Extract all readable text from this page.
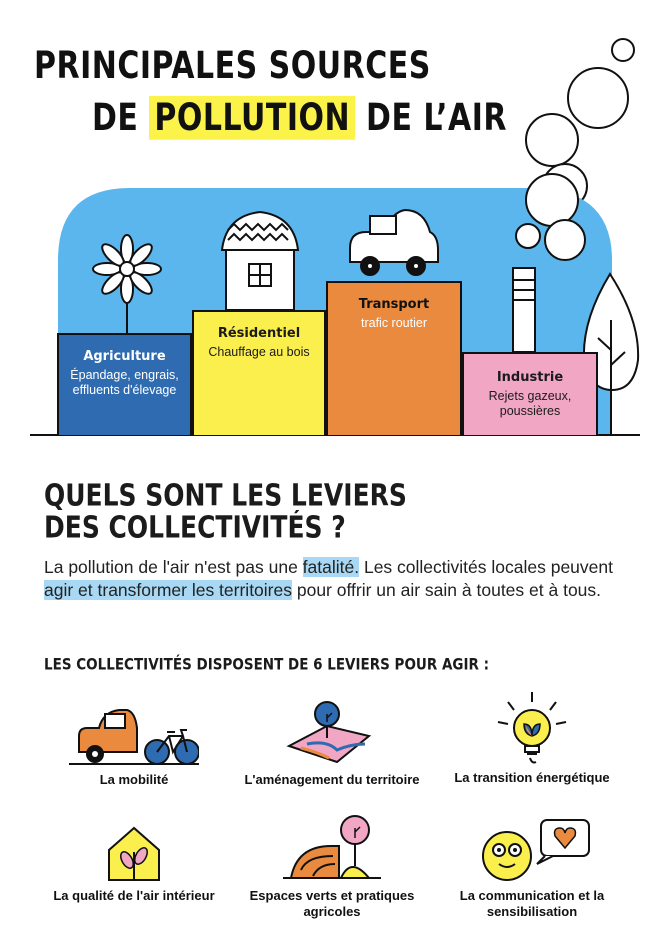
PRINCIPALES SOURCES
DE POLLUTION DE L’AIR
Agriculture
Épandage, engrais, effluents d'élevage
Résidentiel
Chauffage au bois
Transport
trafic routier
Industrie
Rejets gazeux, poussières
QUELS SONT LES LEVIERS
DES COLLECTIVITÉS ?

La pollution de l'air n'est pas une fatalité. Les collectivités locales peuvent agir et transformer les territoires pour offrir un air sain à toutes et à tous.

LES COLLECTIVITÉS DISPOSENT DE 6 LEVIERS POUR AGIR :
La mobilité	L'aménagement du territoire	La transition énergétique
La qualité de l'air intérieur	Espaces verts et pratiques agricoles
La communication et la sensibilisation
